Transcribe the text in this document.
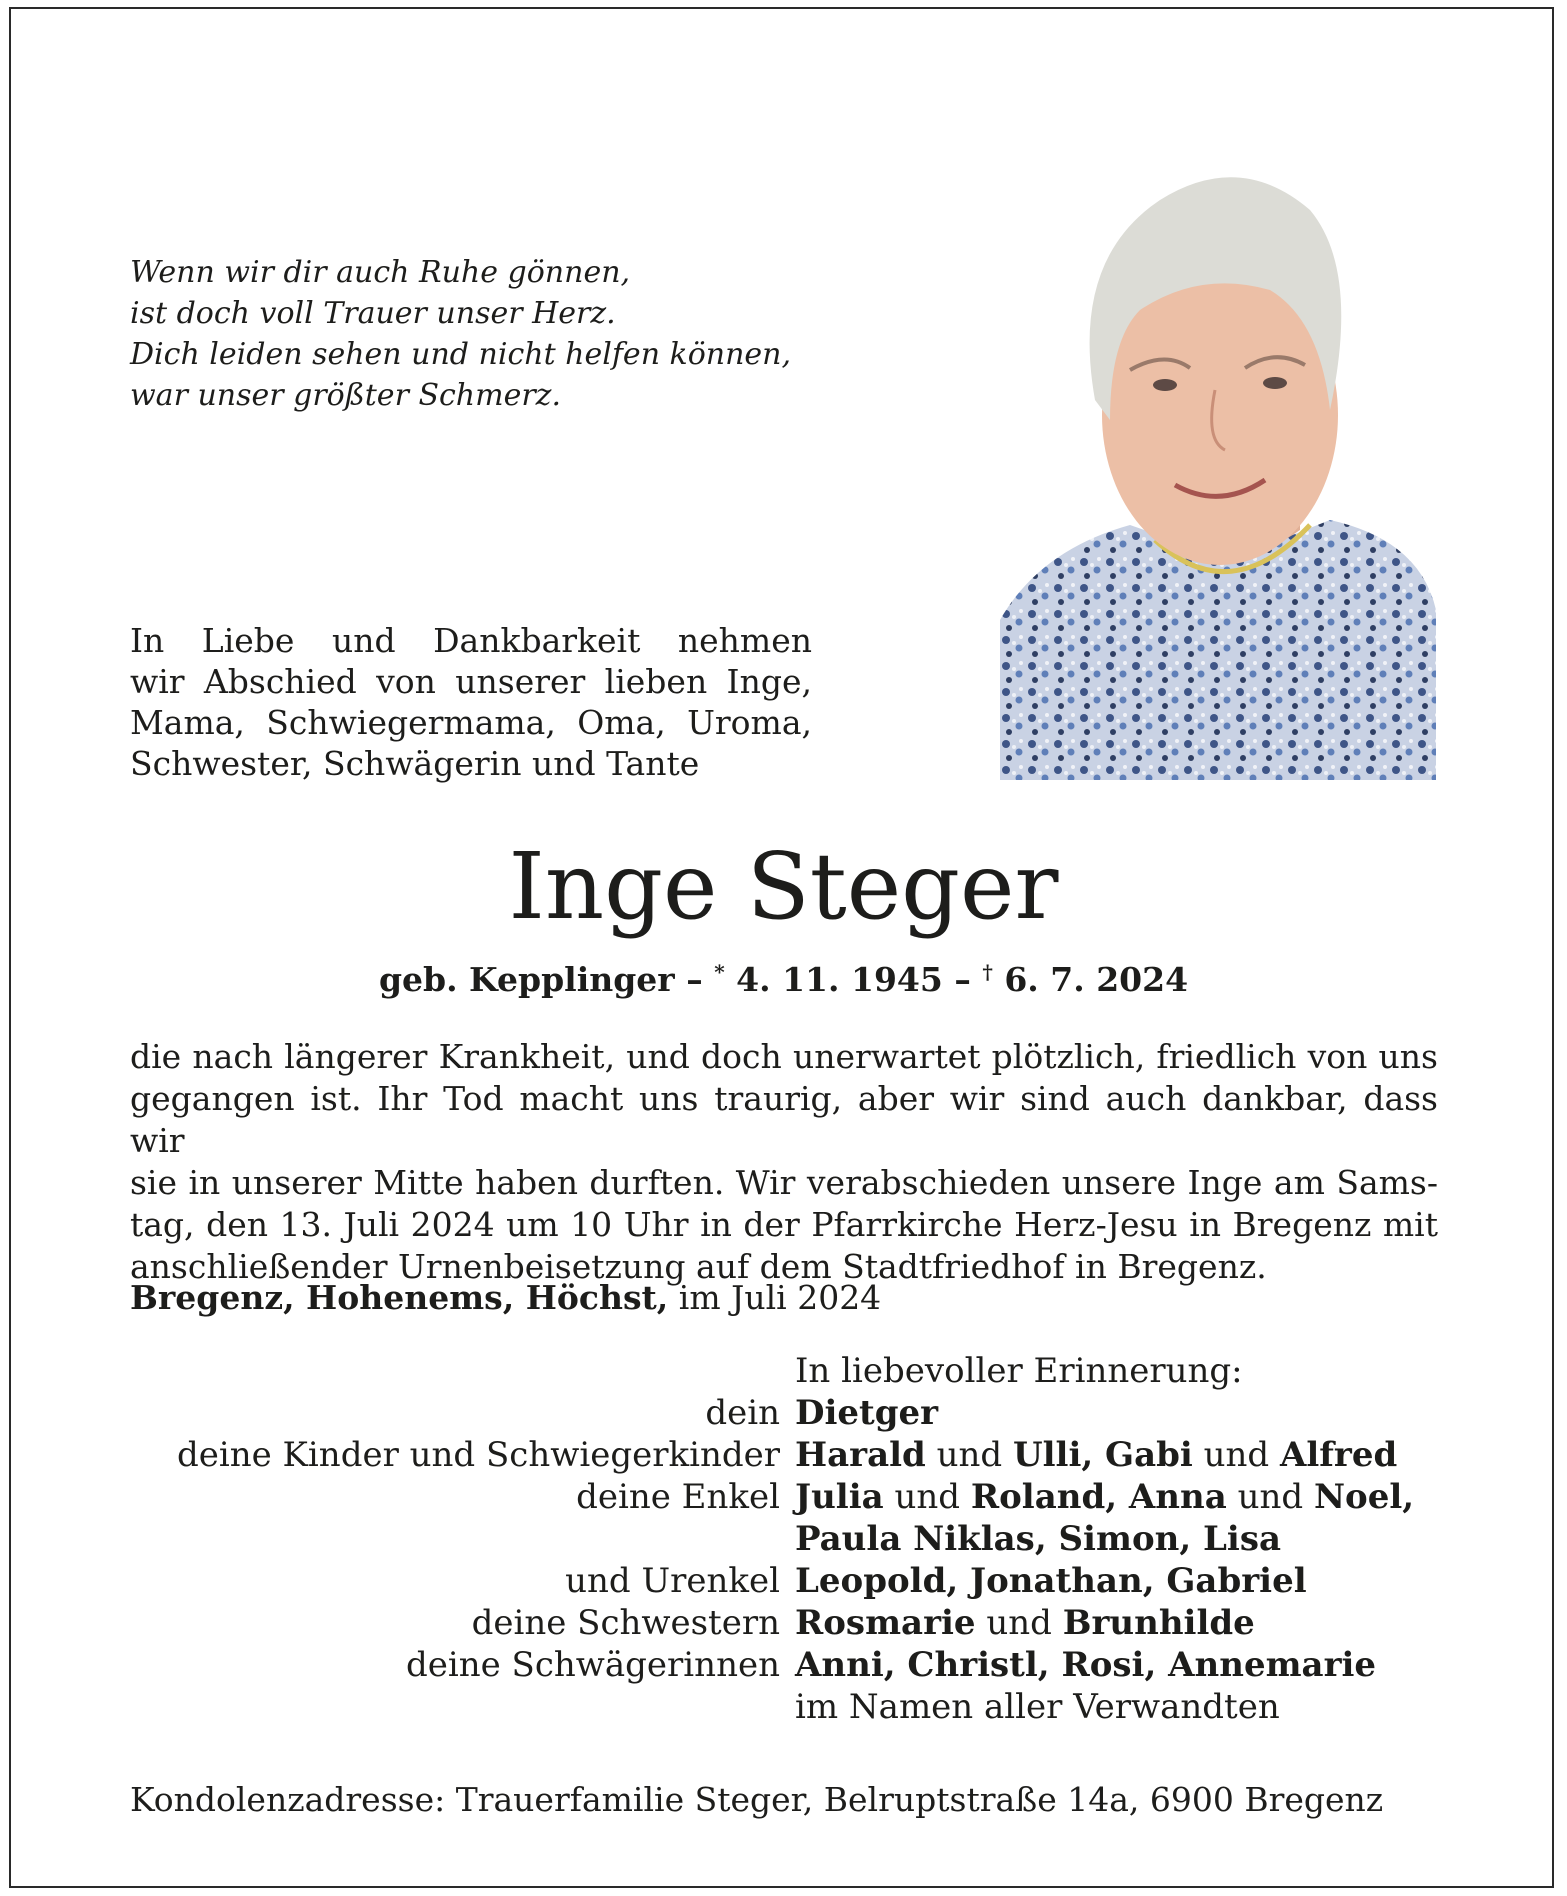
Wenn wir dir auch Ruhe gönnen,
ist doch voll Trauer unser Herz.
Dich leiden sehen und nicht helfen können,
war unser größter Schmerz.
In Liebe und Dankbarkeit nehmen
wir Abschied von unserer lieben Inge,
Mama, Schwiegermama, Oma, Uroma,
Schwester, Schwägerin und Tante
Inge Steger
geb. Kepplinger – * 4. 11. 1945 – † 6. 7. 2024
die nach längerer Krankheit, und doch unerwartet plötzlich, friedlich von uns
gegangen ist. Ihr Tod macht uns traurig, aber wir sind auch dankbar, dass wir
sie in unserer Mitte haben durften. Wir verabschieden unsere Inge am Sams-
tag, den 13. Juli 2024 um 10 Uhr in der Pfarrkirche Herz-Jesu in Bregenz mit
anschließender Urnenbeisetzung auf dem Stadtfriedhof in Bregenz.
Bregenz, Hohenems, Höchst, im Juli 2024
In liebevoller Erinnerung:
dein Dietger
deine Kinder und Schwiegerkinder Harald und Ulli, Gabi und Alfred
deine Enkel Julia und Roland, Anna und Noel,
Paula Niklas, Simon, Lisa
und Urenkel Leopold, Jonathan, Gabriel
deine Schwestern Rosmarie und Brunhilde
deine Schwägerinnen Anni, Christl, Rosi, Annemarie
im Namen aller Verwandten
Kondolenzadresse: Trauerfamilie Steger, Belruptstraße 14a, 6900 Bregenz
